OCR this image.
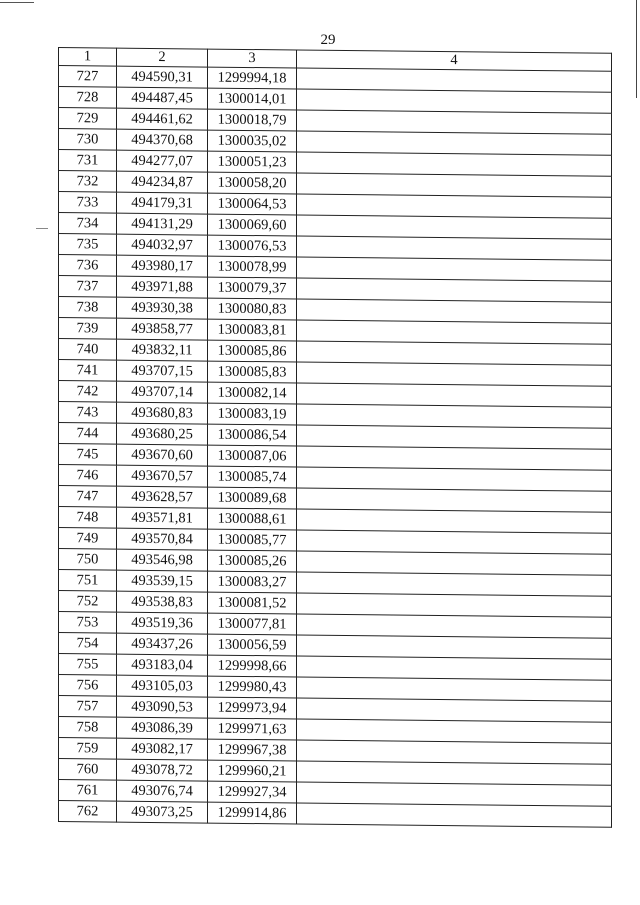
29
1	2	3	4
727	494590,31	1299994,18	
728	494487,45	1300014,01	
729	494461,62	1300018,79	
730	494370,68	1300035,02	
731	494277,07	1300051,23	
732	494234,87	1300058,20	
733	494179,31	1300064,53	
734	494131,29	1300069,60	
735	494032,97	1300076,53	
736	493980,17	1300078,99	
737	493971,88	1300079,37	
738	493930,38	1300080,83	
739	493858,77	1300083,81	
740	493832,11	1300085,86	
741	493707,15	1300085,83	
742	493707,14	1300082,14	
743	493680,83	1300083,19	
744	493680,25	1300086,54	
745	493670,60	1300087,06	
746	493670,57	1300085,74	
747	493628,57	1300089,68	
748	493571,81	1300088,61	
749	493570,84	1300085,77	
750	493546,98	1300085,26	
751	493539,15	1300083,27	
752	493538,83	1300081,52	
753	493519,36	1300077,81	
754	493437,26	1300056,59	
755	493183,04	1299998,66	
756	493105,03	1299980,43	
757	493090,53	1299973,94	
758	493086,39	1299971,63	
759	493082,17	1299967,38	
760	493078,72	1299960,21	
761	493076,74	1299927,34	
762	493073,25	1299914,86	
